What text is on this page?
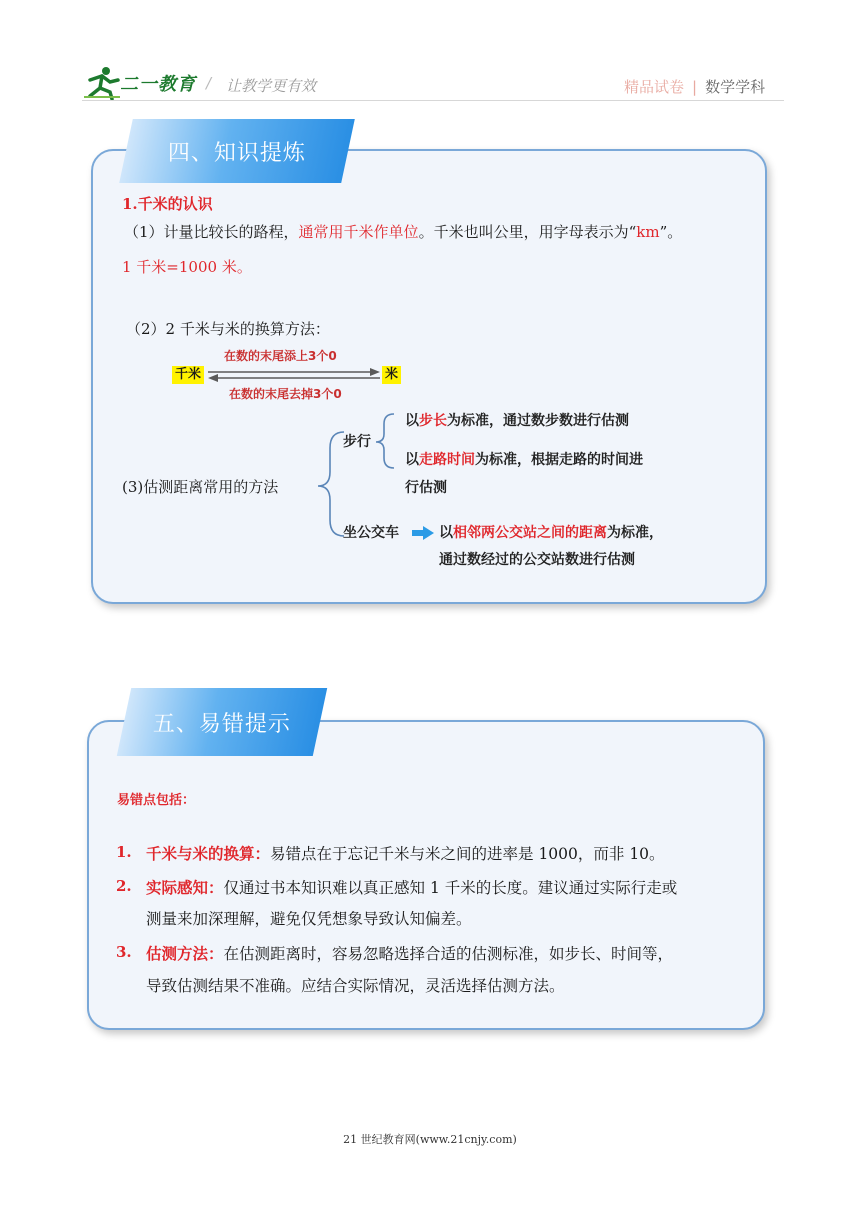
二一教育 / 让教学更有效	精品试卷 | 数学学科
四、知识提炼
1.千米的认识
（1）计量比较长的路程，通常用千米作单位。千米也叫公里，用字母表示为“km”。
1 千米=1000 米。
（2）2 千米与米的换算方法：
千米	米
在数的末尾添上3个0
在数的末尾去掉3个0
(3)估测距离常用的方法
步行
以步长为标准，通过数步数进行估测
以走路时间为标准，根据走路的时间进
行估测
坐公交车	以相邻两公交站之间的距离为标准，
通过数经过的公交站数进行估测
五、易错提示
易错点包括：
1. 千米与米的换算：易错点在于忘记千米与米之间的进率是 1000，而非 10。
2. 实际感知：仅通过书本知识难以真正感知 1 千米的长度。建议通过实际行走或
测量来加深理解，避免仅凭想象导致认知偏差。
3. 估测方法：在估测距离时，容易忽略选择合适的估测标准，如步长、时间等，
导致估测结果不准确。应结合实际情况，灵活选择估测方法。
21 世纪教育网(www.21cnjy.com)
